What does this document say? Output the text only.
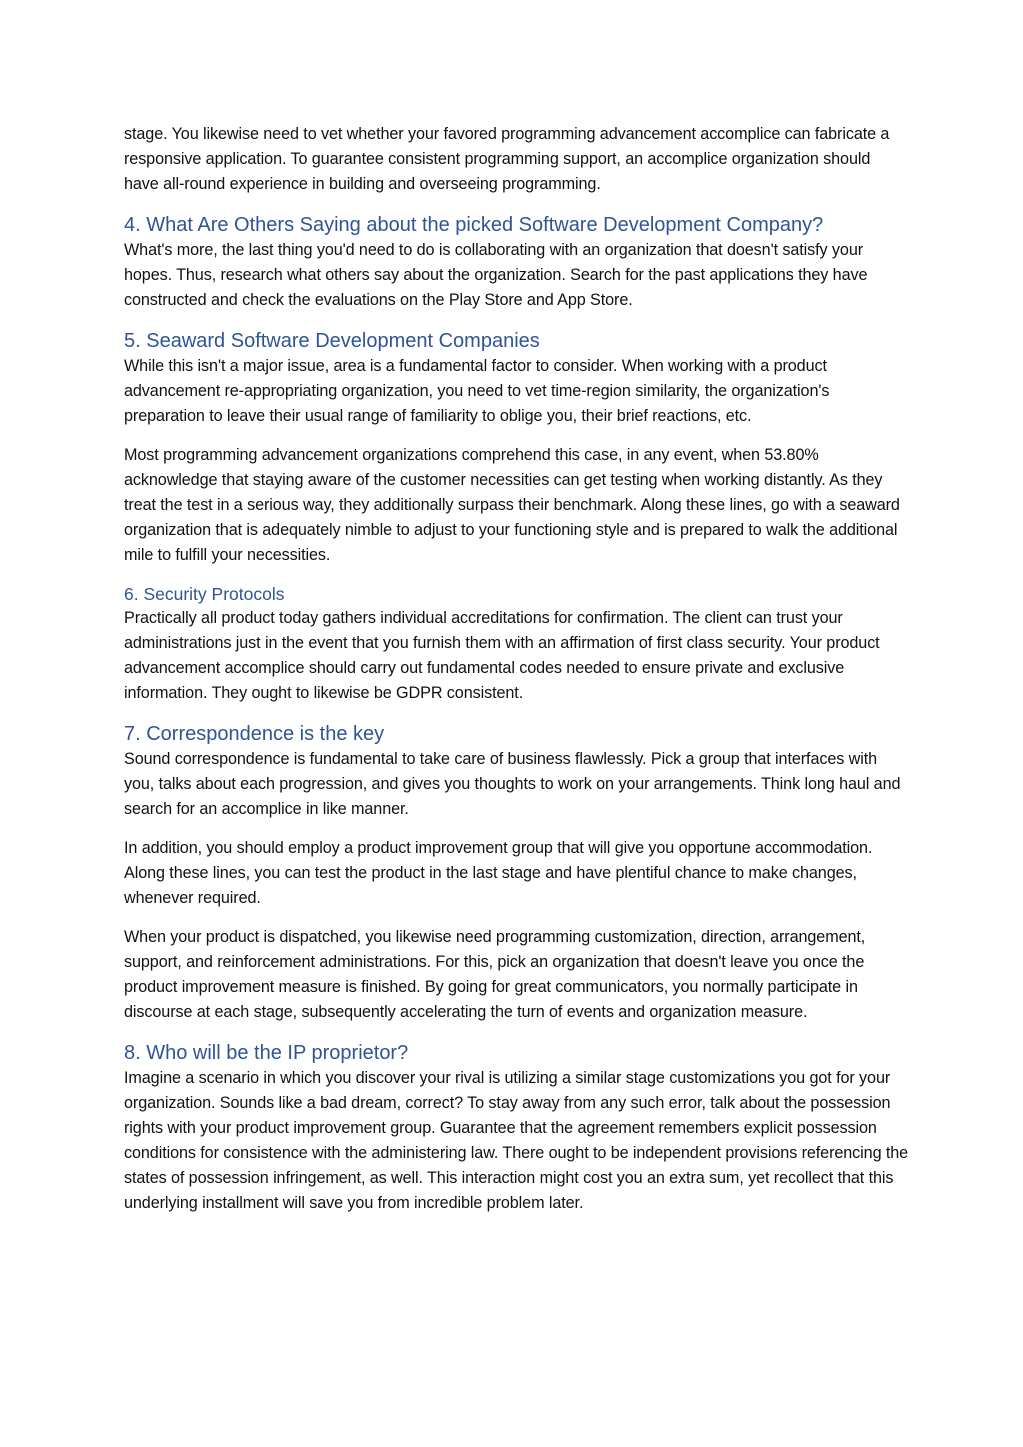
stage. You likewise need to vet whether your favored programming advancement accomplice can fabricate a responsive application. To guarantee consistent programming support, an accomplice organization should have all-round experience in building and overseeing programming.

4. What Are Others Saying about the picked Software Development Company?

What's more, the last thing you'd need to do is collaborating with an organization that doesn't satisfy your hopes. Thus, research what others say about the organization. Search for the past applications they have constructed and check the evaluations on the Play Store and App Store.

5. Seaward Software Development Companies

While this isn't a major issue, area is a fundamental factor to consider. When working with a product advancement re-appropriating organization, you need to vet time-region similarity, the organization's preparation to leave their usual range of familiarity to oblige you, their brief reactions, etc.

Most programming advancement organizations comprehend this case, in any event, when 53.80% acknowledge that staying aware of the customer necessities can get testing when working distantly. As they treat the test in a serious way, they additionally surpass their benchmark. Along these lines, go with a seaward organization that is adequately nimble to adjust to your functioning style and is prepared to walk the additional mile to fulfill your necessities.

6. Security Protocols

Practically all product today gathers individual accreditations for confirmation. The client can trust your administrations just in the event that you furnish them with an affirmation of first class security. Your product advancement accomplice should carry out fundamental codes needed to ensure private and exclusive information. They ought to likewise be GDPR consistent.

7. Correspondence is the key

Sound correspondence is fundamental to take care of business flawlessly. Pick a group that interfaces with you, talks about each progression, and gives you thoughts to work on your arrangements. Think long haul and search for an accomplice in like manner.

In addition, you should employ a product improvement group that will give you opportune accommodation. Along these lines, you can test the product in the last stage and have plentiful chance to make changes, whenever required.

When your product is dispatched, you likewise need programming customization, direction, arrangement, support, and reinforcement administrations. For this, pick an organization that doesn't leave you once the product improvement measure is finished. By going for great communicators, you normally participate in discourse at each stage, subsequently accelerating the turn of events and organization measure.

8. Who will be the IP proprietor?

Imagine a scenario in which you discover your rival is utilizing a similar stage customizations you got for your organization. Sounds like a bad dream, correct? To stay away from any such error, talk about the possession rights with your product improvement group. Guarantee that the agreement remembers explicit possession conditions for consistence with the administering law. There ought to be independent provisions referencing the states of possession infringement, as well. This interaction might cost you an extra sum, yet recollect that this underlying installment will save you from incredible problem later.
